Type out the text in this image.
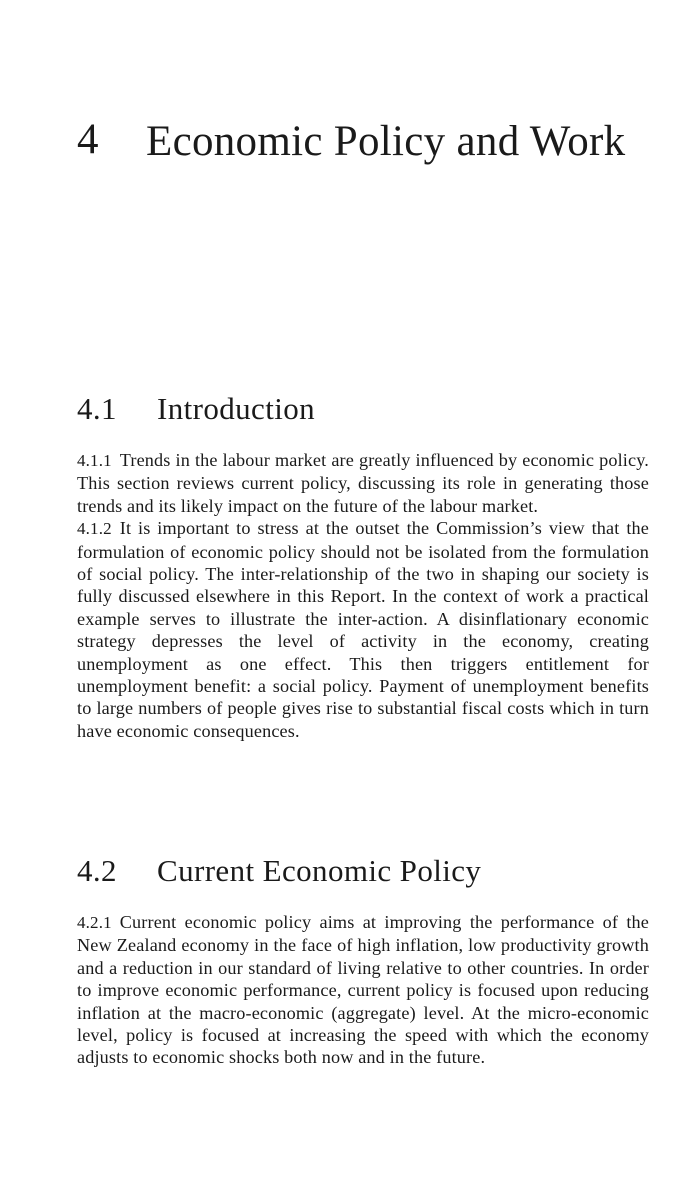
4 Economic Policy and Work
4.1 Introduction

4.1.1 Trends in the labour market are greatly influenced by economic policy. This section reviews current policy, discussing its role in generating those trends and its likely impact on the future of the labour market.

4.1.2 It is important to stress at the outset the Commission’s view that the formulation of economic policy should not be isolated from the formulation of social policy. The inter-relationship of the two in shaping our society is fully discussed elsewhere in this Report. In the context of work a practical example serves to illustrate the inter-action. A disinflationary economic strategy depresses the level of activity in the economy, creating unemployment as one effect. This then triggers entitlement for unemployment benefit: a social policy. Payment of unemployment benefits to large numbers of people gives rise to substantial fiscal costs which in turn have economic consequences.

4.2 Current Economic Policy

4.2.1 Current economic policy aims at improving the performance of the New Zealand economy in the face of high inflation, low productivity growth and a reduction in our standard of living relative to other countries. In order to improve economic performance, current policy is focused upon reducing inflation at the macro-economic (aggregate) level. At the micro-economic level, policy is focused at increasing the speed with which the economy adjusts to economic shocks both now and in the future.
